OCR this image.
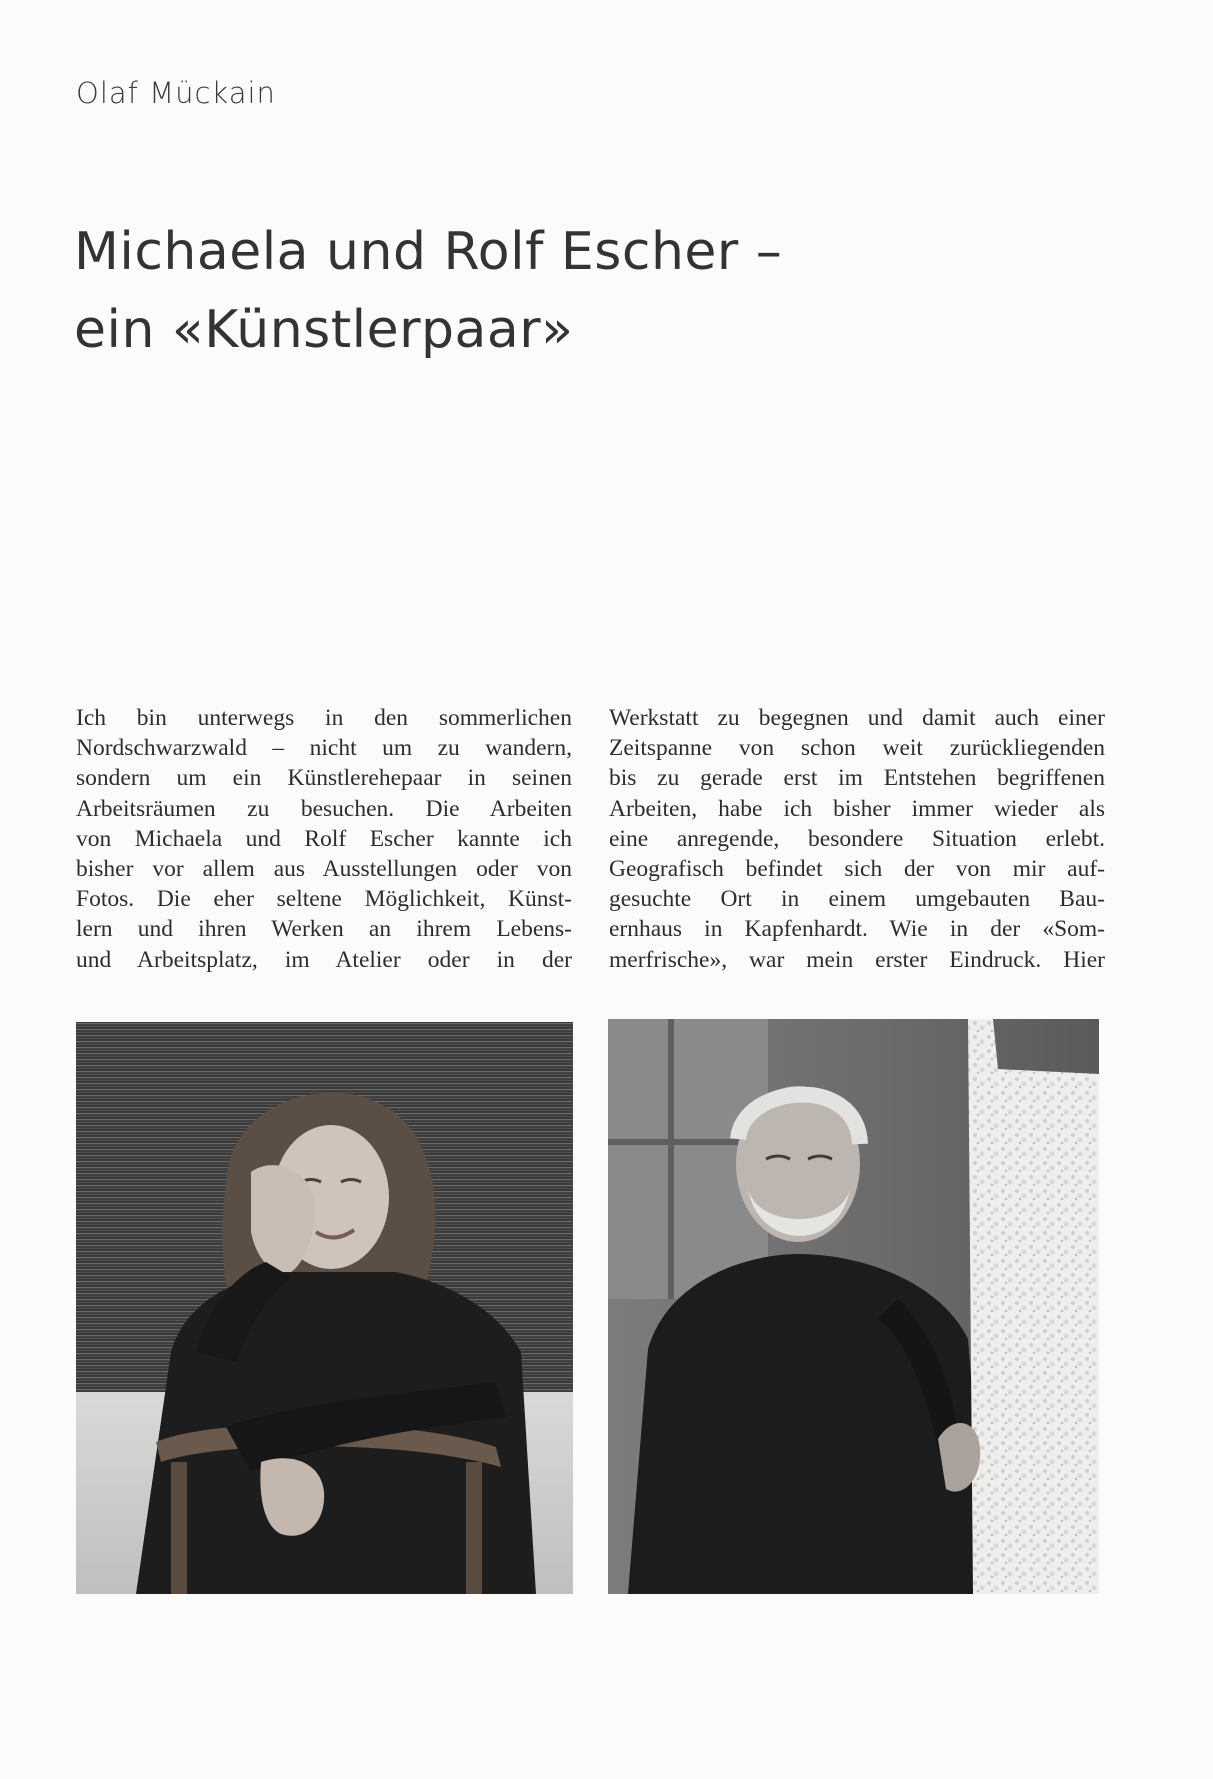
Olaf Mückain
Michaela und Rolf Escher –
ein «Künstlerpaar»
Ich bin unterwegs in den sommerlichen
Nordschwarzwald – nicht um zu wandern,
sondern um ein Künstlerehepaar in seinen
Arbeitsräumen zu besuchen. Die Arbeiten
von Michaela und Rolf Escher kannte ich
bisher vor allem aus Ausstellungen oder von
Fotos. Die eher seltene Möglichkeit, Künst-
lern und ihren Werken an ihrem Lebens-
und Arbeitsplatz, im Atelier oder in der
Werkstatt zu begegnen und damit auch einer
Zeitspanne von schon weit zurückliegenden
bis zu gerade erst im Entstehen begriffenen
Arbeiten, habe ich bisher immer wieder als
eine anregende, besondere Situation erlebt.
Geografisch befindet sich der von mir auf-
gesuchte Ort in einem umgebauten Bau-
ernhaus in Kapfenhardt. Wie in der «Som-
merfrische», war mein erster Eindruck. Hier
